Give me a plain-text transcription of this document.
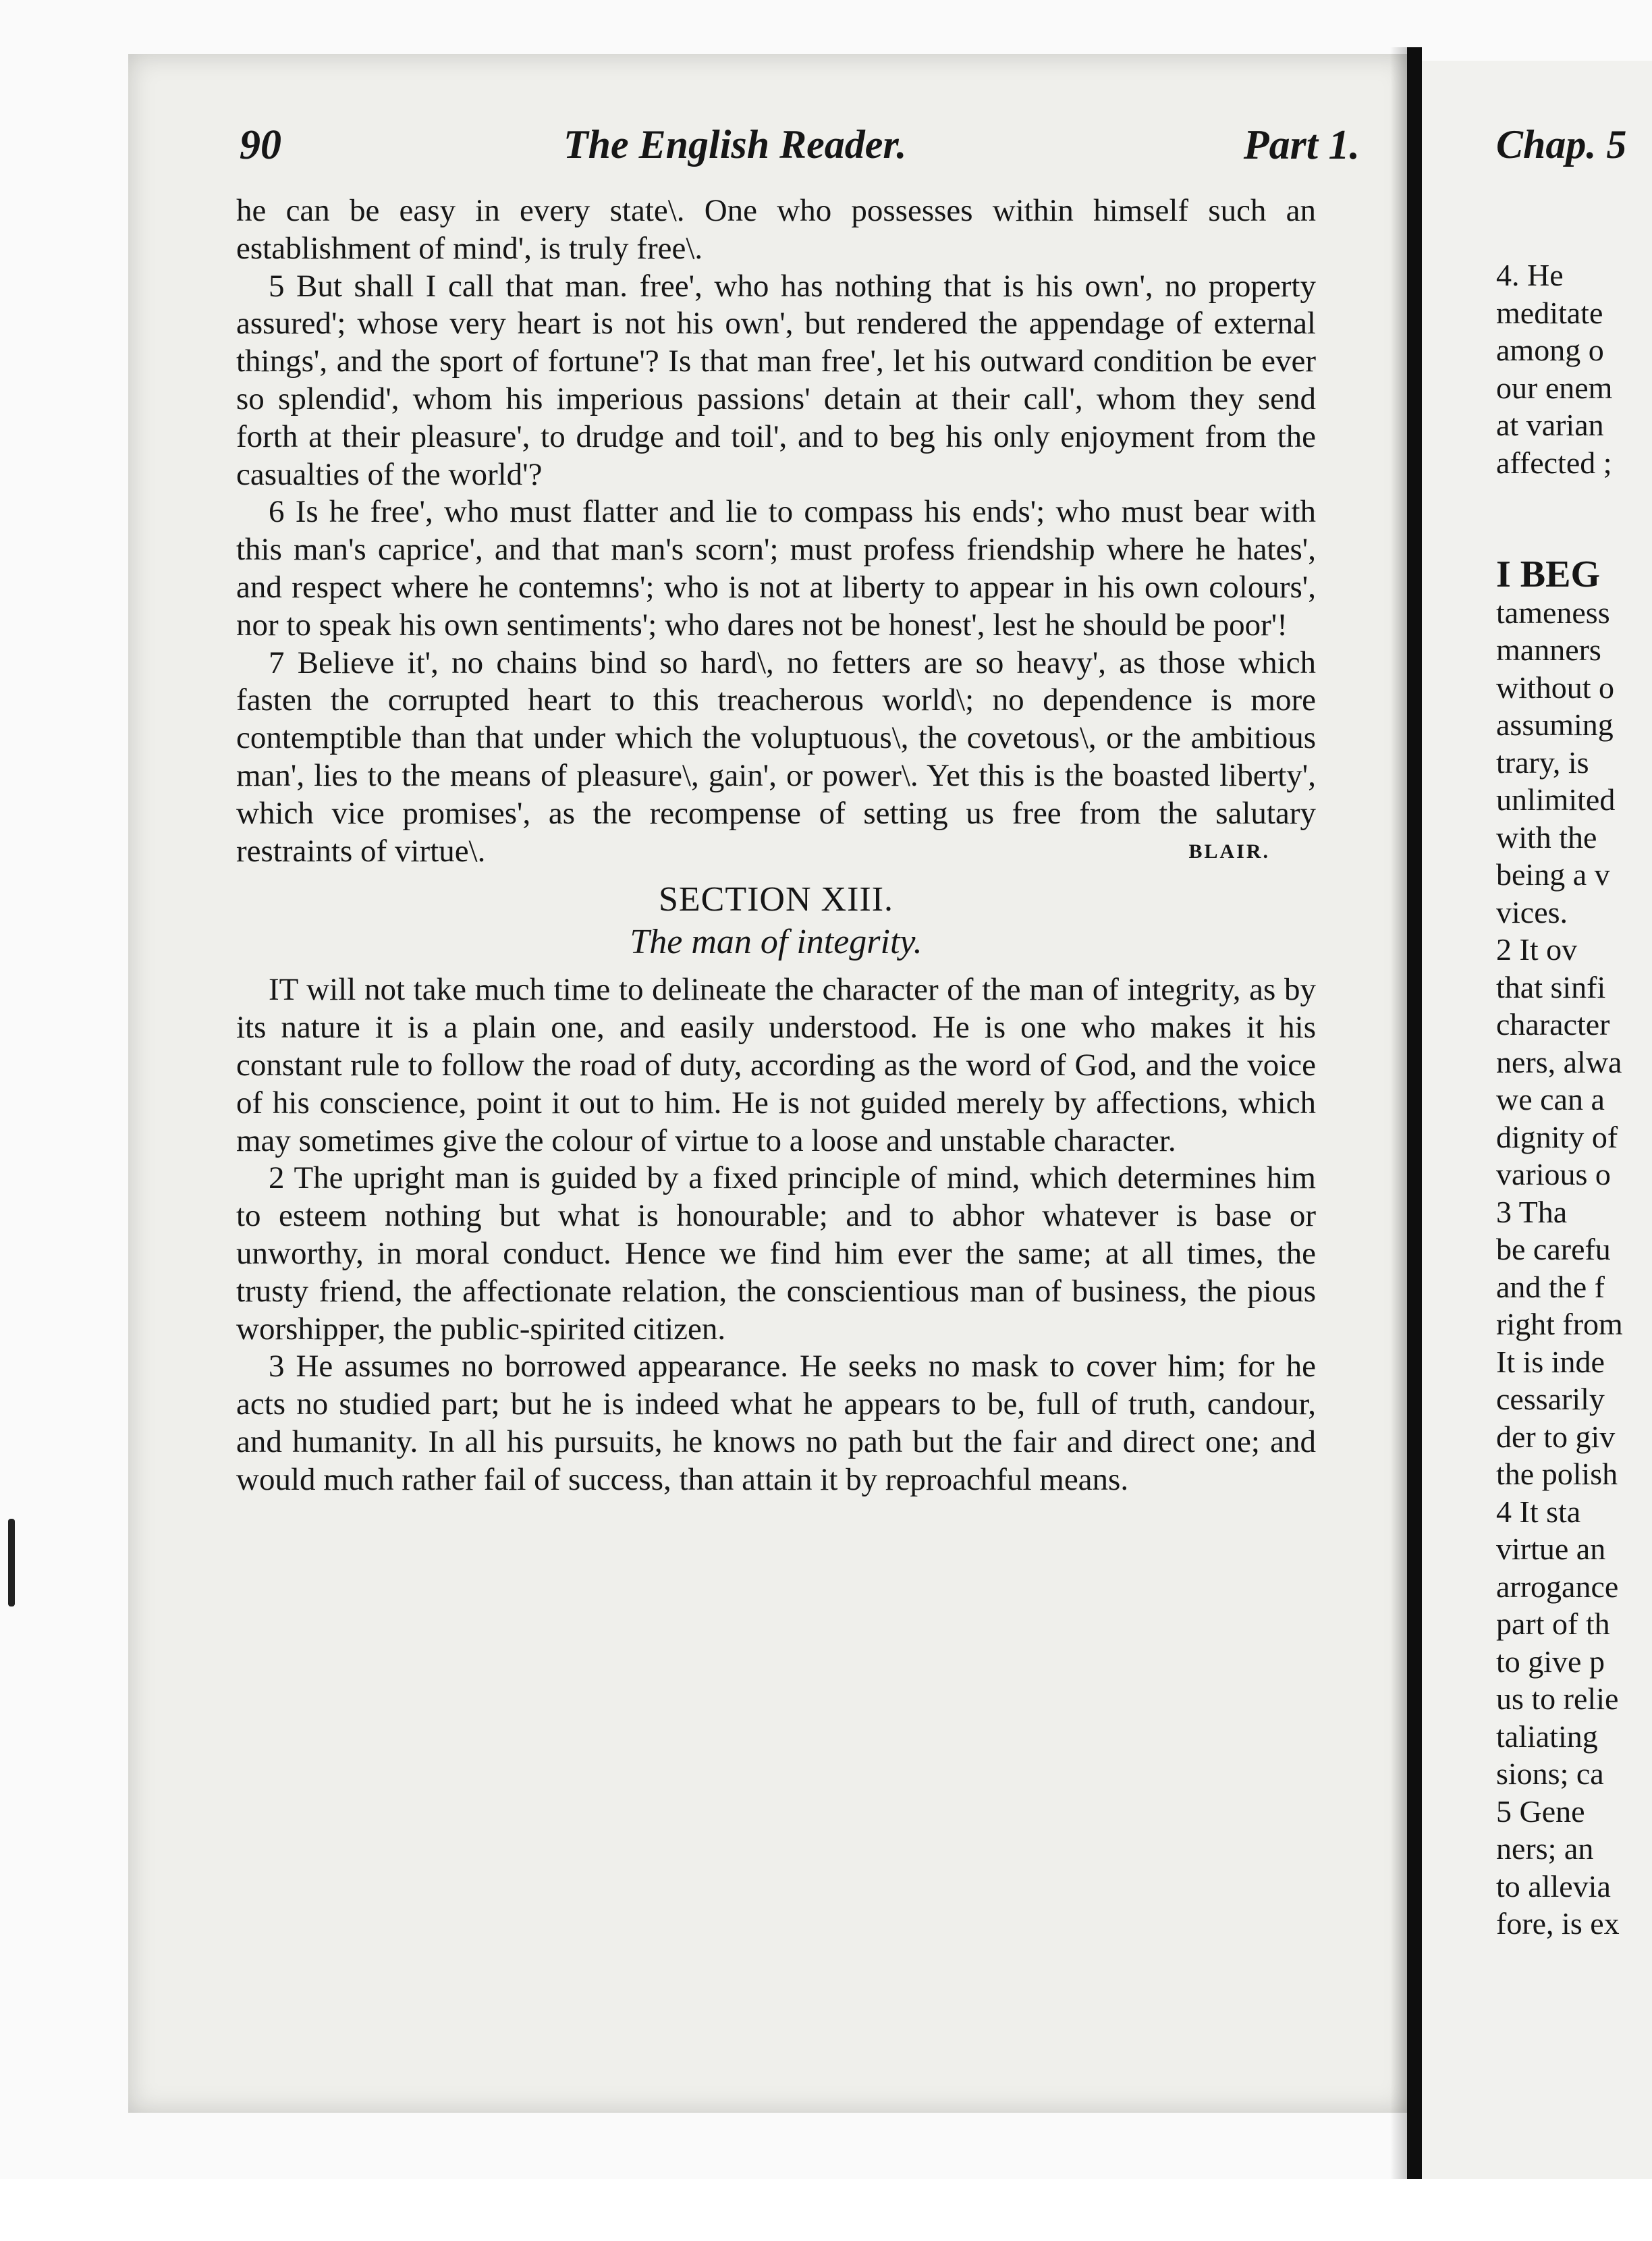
Chap. 5
4. He
meditate
among o
our enem
at varian
affected ;
I BEG
tameness
manners
without o
assuming
trary, is
unlimited
with the
being a v
vices.
2 It ov
that sinfi
character
ners, alwa
we can a
dignity of
various o
3 Tha
be carefu
and the f
right from
It is inde
cessarily
der to giv
the polish
4 It sta
virtue an
arrogance
part of th
to give p
us to relie
taliating
sions; ca
5 Gene
ners; an
to allevia
fore, is ex
90	The English Reader.	Part 1.

he can be easy in every state\. One who possesses within himself such an establishment of mind', is truly free\.

5 But shall I call that man. free', who has nothing that is his own', no property assured'; whose very heart is not his own', but rendered the appendage of external things', and the sport of fortune'? Is that man free', let his outward condition be ever so splendid', whom his imperious passions' detain at their call', whom they send forth at their pleasure', to drudge and toil', and to beg his only enjoyment from the casualties of the world'?

6 Is he free', who must flatter and lie to compass his ends'; who must bear with this man's caprice', and that man's scorn'; must profess friendship where he hates', and respect where he contemns'; who is not at liberty to appear in his own colours', nor to speak his own sentiments'; who dares not be honest', lest he should be poor'!

7 Believe it', no chains bind so hard\, no fetters are so heavy', as those which fasten the corrupted heart to this treacherous world\; no dependence is more contemptible than that under which the voluptuous\, the covetous\, or the ambitious man', lies to the means of pleasure\, gain', or power\. Yet this is the boasted liberty', which vice promises', as the recompense of setting us free from the salutary restraints of virtue\.	BLAIR.
SECTION XIII.
The man of integrity.

IT will not take much time to delineate the character of the man of integrity, as by its nature it is a plain one, and easily understood. He is one who makes it his constant rule to follow the road of duty, according as the word of God, and the voice of his conscience, point it out to him. He is not guided merely by affections, which may sometimes give the colour of virtue to a loose and unstable character.

2 The upright man is guided by a fixed principle of mind, which determines him to esteem nothing but what is honourable; and to abhor whatever is base or unworthy, in moral conduct. Hence we find him ever the same; at all times, the trusty friend, the affectionate relation, the conscientious man of business, the pious worshipper, the public-spirited citizen.

3 He assumes no borrowed appearance. He seeks no mask to cover him; for he acts no studied part; but he is indeed what he appears to be, full of truth, candour, and humanity. In all his pursuits, he knows no path but the fair and direct one; and would much rather fail of success, than attain it by reproachful means.
